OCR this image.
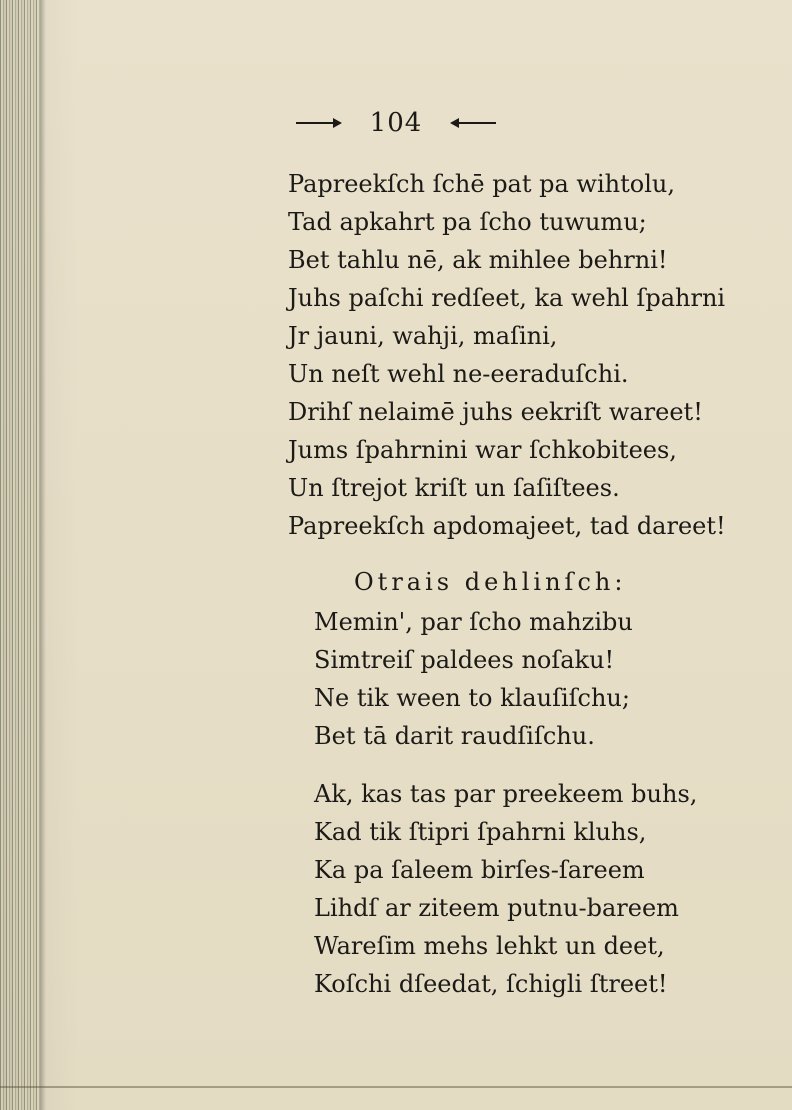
104
Papreekſch ſchē pat pa wihtolu,
Tad apkahrt pa ſcho tuwumu;
Bet tahlu nē, ak mihlee behrni!
Juhs paſchi redſeet, ka wehl ſpahrni
Jr jauni, wahji, maſini,
Un neſt wehl ne-eeraduſchi.
Drihſ nelaimē juhs eekriſt wareet!
Jums ſpahrnini war ſchkobitees,
Un ſtrejot kriſt un ſaſiſtees.
Papreekſch apdomajeet, tad dareet!
Otrais dehlinſch:
Memin', par ſcho mahzibu
Simtreiſ paldees noſaku!
Ne tik ween to klauſiſchu;
Bet tā darit raudſiſchu.
Ak, kas tas par preekeem buhs,
Kad tik ſtipri ſpahrni kluhs,
Ka pa ſaleem birſes-ſareem
Lihdſ ar ziteem putnu-bareem
Wareſim mehs lehkt un deet,
Koſchi dſeedat, ſchigli ſtreet!
